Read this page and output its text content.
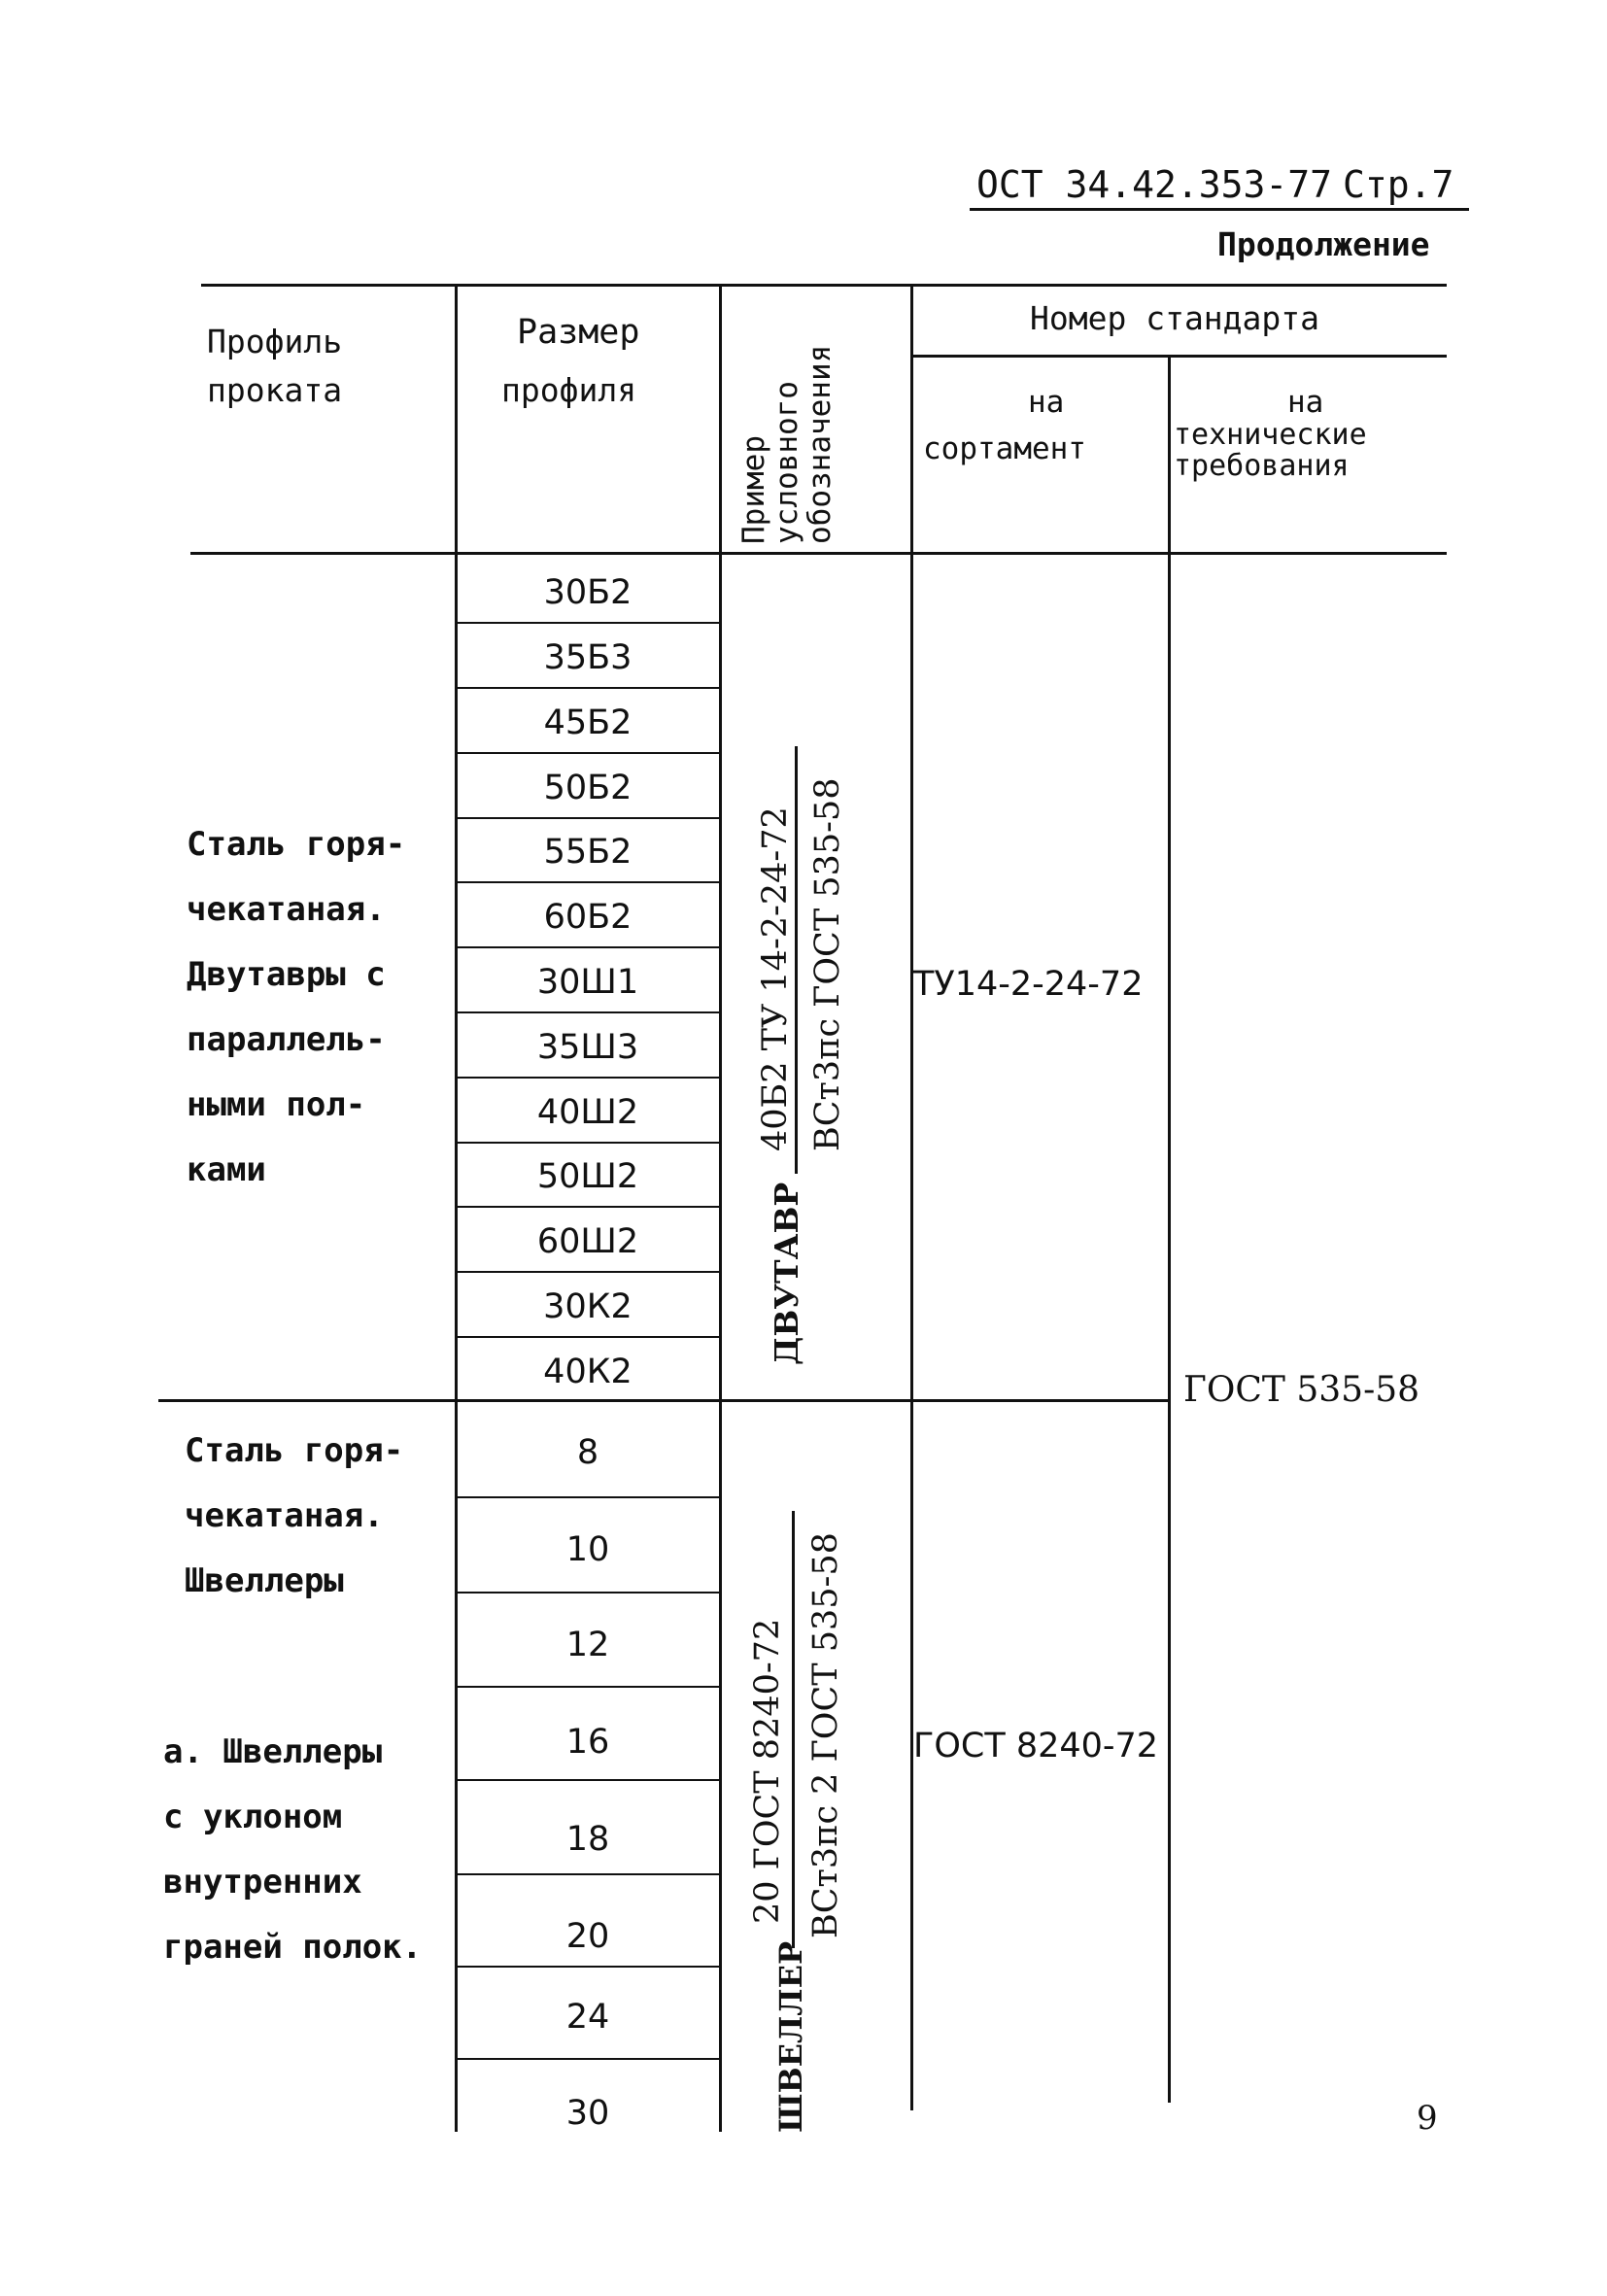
ОСТ 34.42.353-77 Стр.7
Продолжение
Профиль
проката
Размер
профиля
Пример
условного
обозначения
Номер стандарта
на
сортамент
на
технические
требования
Сталь горя-
чекатаная.
Двутавры с
параллель-
ными пол-
ками
30Б2
35Б3
45Б2
50Б2
55Б2
60Б2
30Ш1
35Ш3
40Ш2
50Ш2
60Ш2
30К2
40К2
40Б2 ТУ 14-2-24-72 ВСт3пс ГОСТ 535-58
ДВУТАВР
ТУ14-2-24-72
ГОСТ 535-58
Сталь горя-
чекатаная.
Швеллеры
а. Швеллеры
с уклоном
внутренних
граней полок.
8
10
12
16
18
20
24
30
20 ГОСТ 8240-72 ВСт3пс 2 ГОСТ 535-58
ШВЕЛЛЕР
ГОСТ 8240-72
9
